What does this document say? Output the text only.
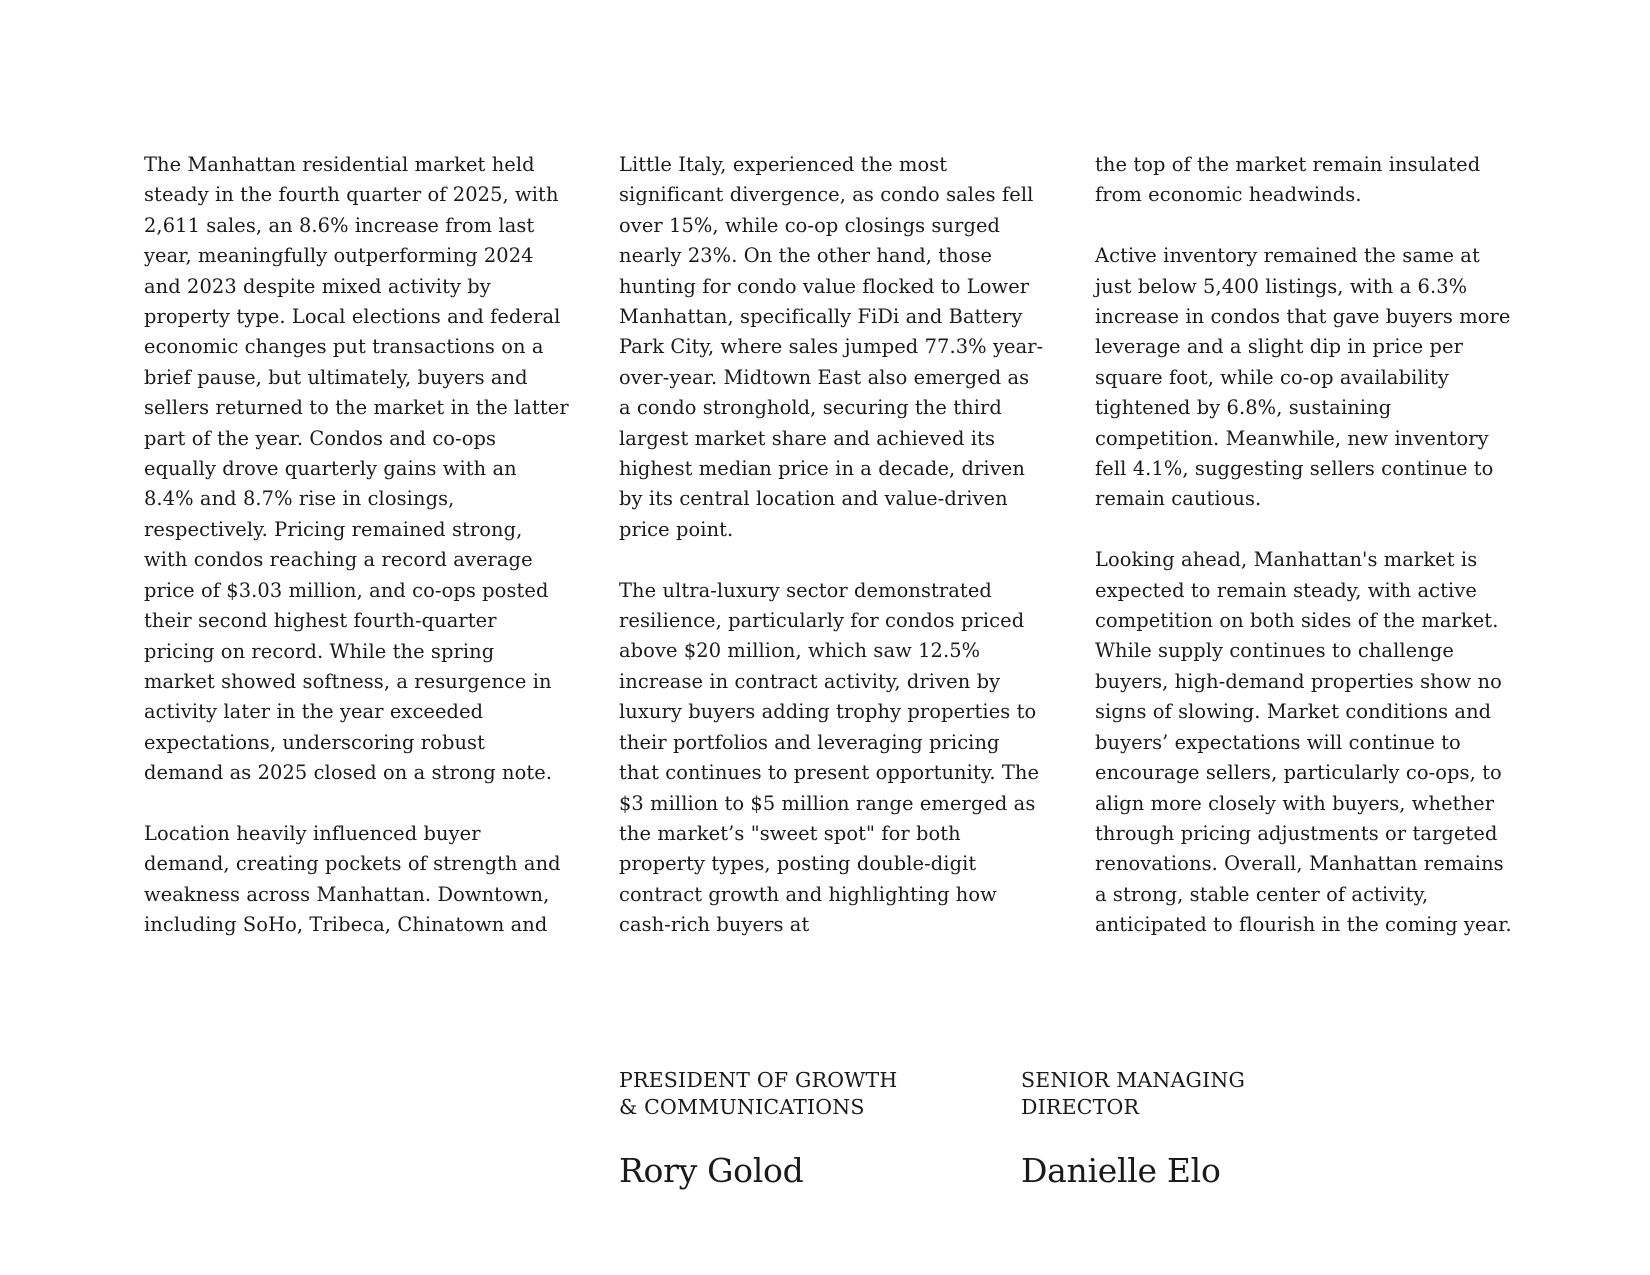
The Manhattan residential market held steady in the fourth quarter of 2025, with 2,611 sales, an 8.6% increase from last year, meaningfully outperforming 2024 and 2023 despite mixed activity by property type. Local elections and federal economic changes put transactions on a brief pause, but ultimately, buyers and sellers returned to the market in the latter part of the year. Condos and co-ops equally drove quarterly gains with an 8.4% and 8.7% rise in closings, respectively. Pricing remained strong, with condos reaching a record average price of $3.03 million, and co-ops posted their second highest fourth-quarter pricing on record. While the spring market showed softness, a resurgence in activity later in the year exceeded expectations, underscoring robust demand as 2025 closed on a strong note.

Location heavily influenced buyer demand, creating pockets of strength and weakness across Manhattan. Downtown, including SoHo, Tribeca, Chinatown and

Little Italy, experienced the most significant divergence, as condo sales fell over 15%, while co-op closings surged nearly 23%. On the other hand, those hunting for condo value flocked to Lower Manhattan, specifically FiDi and Battery Park City, where sales jumped 77.3% year-over-year. Midtown East also emerged as a condo stronghold, securing the third largest market share and achieved its highest median price in a decade, driven by its central location and value-driven price point.

The ultra-luxury sector demonstrated resilience, particularly for condos priced above $20 million, which saw 12.5% increase in contract activity, driven by luxury buyers adding trophy properties to their portfolios and leveraging pricing that continues to present opportunity. The $3 million to $5 million range emerged as the market’s "sweet spot" for both property types, posting double-digit contract growth and highlighting how cash-rich buyers at

the top of the market remain insulated from economic headwinds.

Active inventory remained the same at just below 5,400 listings, with a 6.3% increase in condos that gave buyers more leverage and a slight dip in price per square foot, while co-op availability tightened by 6.8%, sustaining competition. Meanwhile, new inventory fell 4.1%, suggesting sellers continue to remain cautious.

Looking ahead, Manhattan's market is expected to remain steady, with active competition on both sides of the market. While supply continues to challenge buyers, high-demand properties show no signs of slowing. Market conditions and buyers’ expectations will continue to encourage sellers, particularly co-ops, to align more closely with buyers, whether through pricing adjustments or targeted renovations. Overall, Manhattan remains a strong, stable center of activity, anticipated to flourish in the coming year.

PRESIDENT OF GROWTH
& COMMUNICATIONS
Rory Golod
SENIOR MANAGING
DIRECTOR
Danielle Elo
